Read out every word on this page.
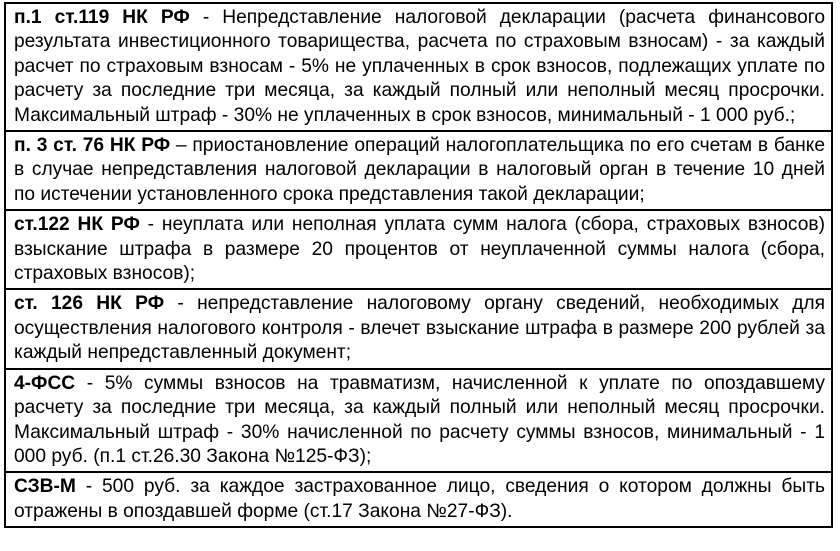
п.1 ст.119 НК РФ - Непредставление налоговой декларации (расчета финансового результата инвестиционного товарищества, расчета по страховым взносам) - за каждый расчет по страховым взносам - 5% не уплаченных в срок взносов, подлежащих уплате по расчету за последние три месяца, за каждый полный или неполный месяц просрочки. Максимальный штраф - 30% не уплаченных в срок взносов, минимальный - 1 000 руб.;
п. 3 ст. 76 НК РФ – приостановление операций налогоплательщика по его счетам в банке в случае непредставления налоговой декларации в налоговый орган в течение 10 дней по истечении установленного срока представления такой декларации;
ст.122 НК РФ - неуплата или неполная уплата сумм налога (сбора, страховых взносов) взыскание штрафа в размере 20 процентов от неуплаченной суммы налога (сбора, страховых взносов);
ст. 126 НК РФ - непредставление налоговому органу сведений, необходимых для осуществления налогового контроля - влечет взыскание штрафа в размере 200 рублей за каждый непредставленный документ;
4-ФСС - 5% суммы взносов на травматизм, начисленной к уплате по опоздавшему расчету за последние три месяца, за каждый полный или неполный месяц просрочки. Максимальный штраф - 30% начисленной по расчету суммы взносов, минимальный - 1 000 руб. (п.1 ст.26.30 Закона №125-ФЗ);
СЗВ-М - 500 руб. за каждое застрахованное лицо, сведения о котором должны быть отражены в опоздавшей форме (ст.17 Закона №27-ФЗ).
